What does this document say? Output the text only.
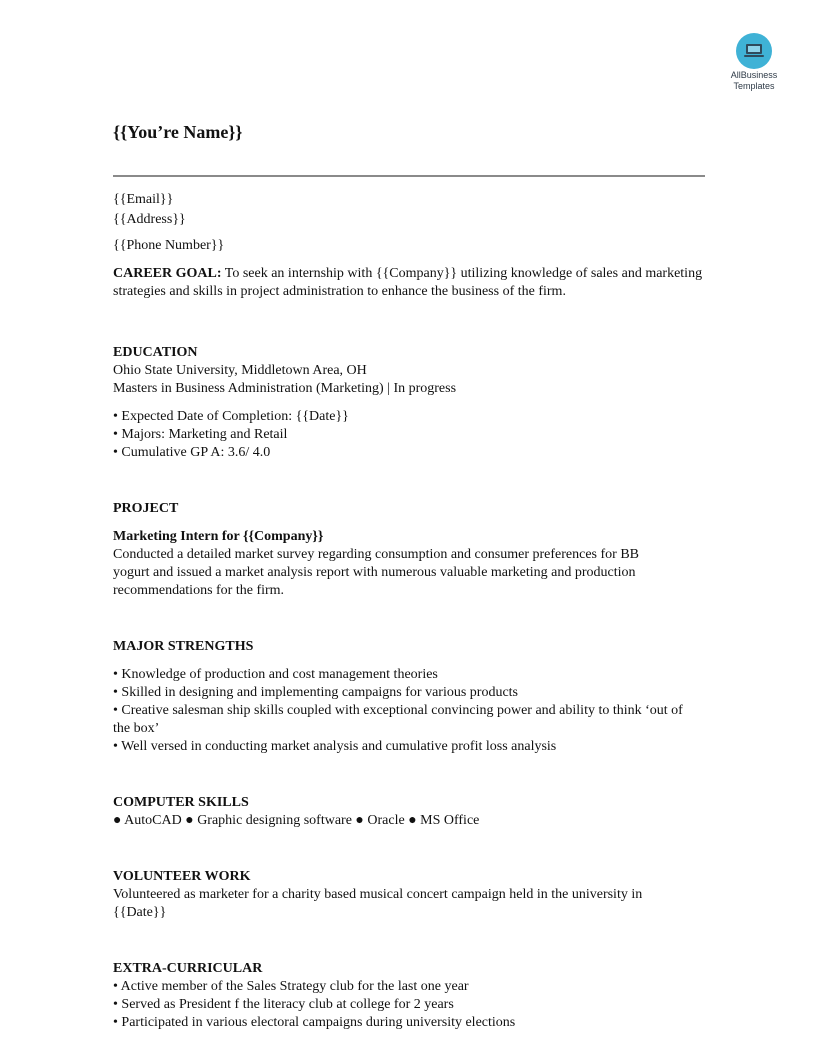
AllBusiness
Templates
{{You’re Name}}
{{Email}}
{{Address}}
{{Phone Number}}
CAREER GOAL: To seek an internship with {{Company}} utilizing knowledge of sales and marketing strategies and skills in project administration to enhance the business of the firm.
EDUCATION
Ohio State University, Middletown Area, OH
Masters in Business Administration (Marketing) | In progress
• Expected Date of Completion: {{Date}}
• Majors: Marketing and Retail
• Cumulative GP A: 3.6/ 4.0
PROJECT
Marketing Intern for {{Company}}
Conducted a detailed market survey regarding consumption and consumer preferences for BB yogurt and issued a market analysis report with numerous valuable marketing and production recommendations for the firm.
MAJOR STRENGTHS
• Knowledge of production and cost management theories
• Skilled in designing and implementing campaigns for various products
• Creative salesman ship skills coupled with exceptional convincing power and ability to think ‘out of the box’
• Well versed in conducting market analysis and cumulative profit loss analysis
COMPUTER SKILLS
● AutoCAD ● Graphic designing software ● Oracle ● MS Office
VOLUNTEER WORK
Volunteered as marketer for a charity based musical concert campaign held in the university in {{Date}}
EXTRA-CURRICULAR
• Active member of the Sales Strategy club for the last one year
• Served as President f the literacy club at college for 2 years
• Participated in various electoral campaigns during university elections
